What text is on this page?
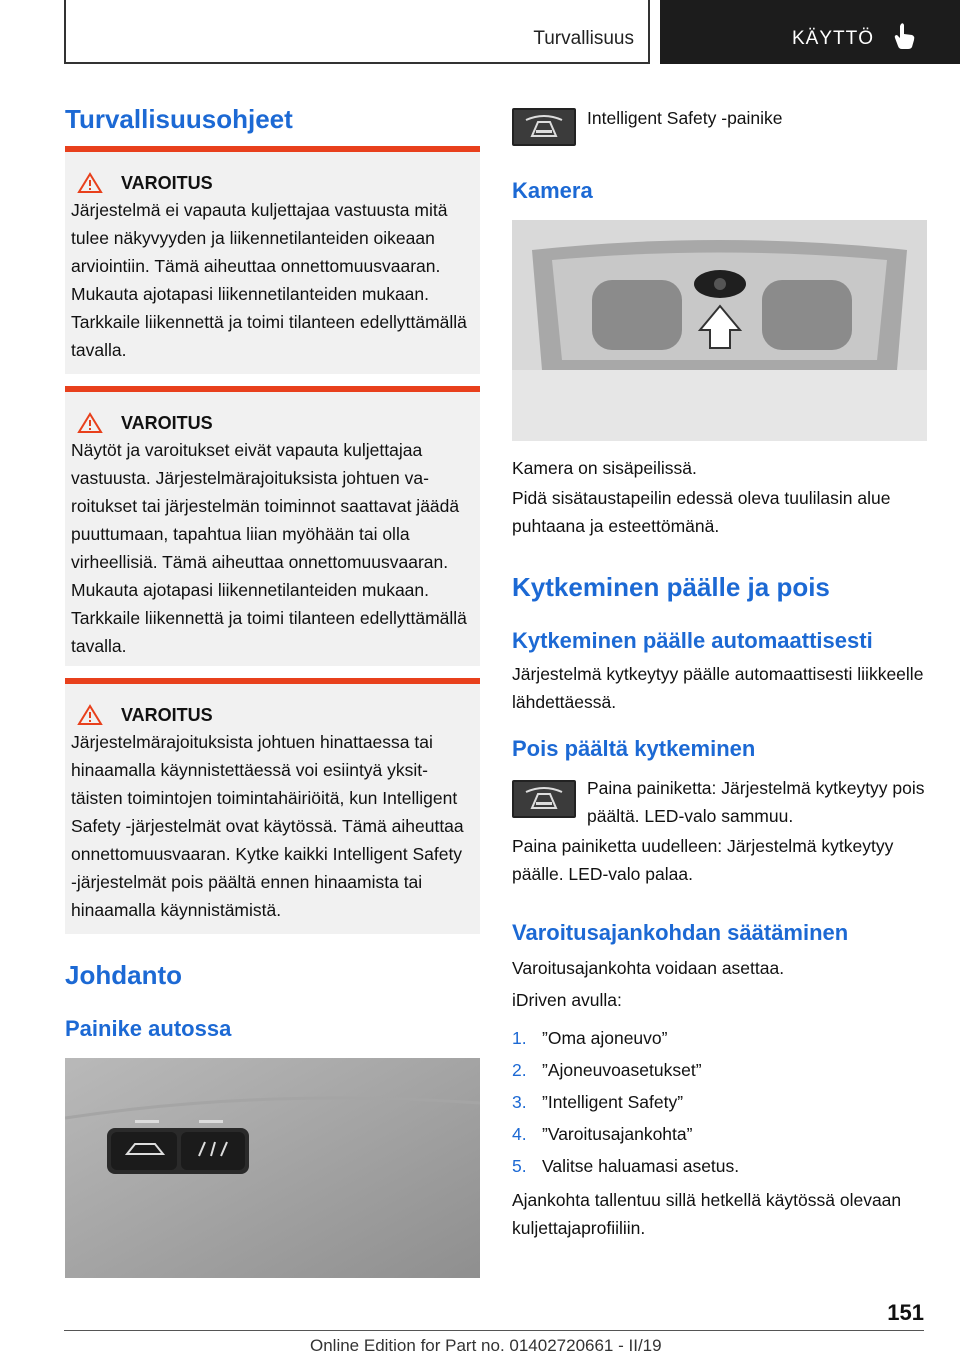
Turvallisuus	KÄYTTÖ
Turvallisuusohjeet
VAROITUS
Järjestelmä ei vapauta kuljettajaa vastuusta mitä tulee näkyvyyden ja liikennetilanteiden oikeaan arviointiin. Tämä aiheuttaa onnettomuusvaaran. Mukauta ajotapasi liikennetilanteiden mukaan. Tarkkaile liikennettä ja toimi tilanteen edellyttämällä tavalla.
VAROITUS
Näytöt ja varoitukset eivät vapauta kuljettajaa vastuusta. Järjestelmärajoituksista johtuen varoitukset tai järjestelmän toiminnot saattavat jäädä puuttumaan, tapahtua liian myöhään tai olla virheellisiä. Tämä aiheuttaa onnettomuusvaaran. Mukauta ajotapasi liikennetilanteiden mukaan. Tarkkaile liikennettä ja toimi tilanteen edellyttämällä tavalla.
VAROITUS
Järjestelmärajoituksista johtuen hinattaessa tai hinaamalla käynnistettäessä voi esiintyä yksittäisten toimintojen toimintahäiriöitä, kun Intelligent Safety -järjestelmät ovat käytössä. Tämä aiheuttaa onnettomuusvaaran. Kytke kaikki Intelligent Safety -järjestelmät pois päältä ennen hinaamista tai hinaamalla käynnistämistä.
Johdanto
Painike autossa
Intelligent Safety -painike
Kamera
Kamera on sisäpeilissä.
Pidä sisätaustapeilin edessä oleva tuulilasin alue puhtaana ja esteettömänä.
Kytkeminen päälle ja pois
Kytkeminen päälle automaattisesti
Järjestelmä kytkeytyy päälle automaattisesti liikkeelle lähdettäessä.
Pois päältä kytkeminen
Paina painiketta: Järjestelmä kytkeytyy pois päältä. LED-valo sammuu.
Paina painiketta uudelleen: Järjestelmä kytkeytyy päälle. LED-valo palaa.
Varoitusajankohdan säätäminen
Varoitusajankohta voidaan asettaa.
iDriven avulla:
1. ”Oma ajoneuvo”
2. ”Ajoneuvoasetukset”
3. ”Intelligent Safety”
4. ”Varoitusajankohta”
5. Valitse haluamasi asetus.
Ajankohta tallentuu sillä hetkellä käytössä olevaan kuljettajaprofiiliin.
151
Online Edition for Part no. 01402720661 - II/19
